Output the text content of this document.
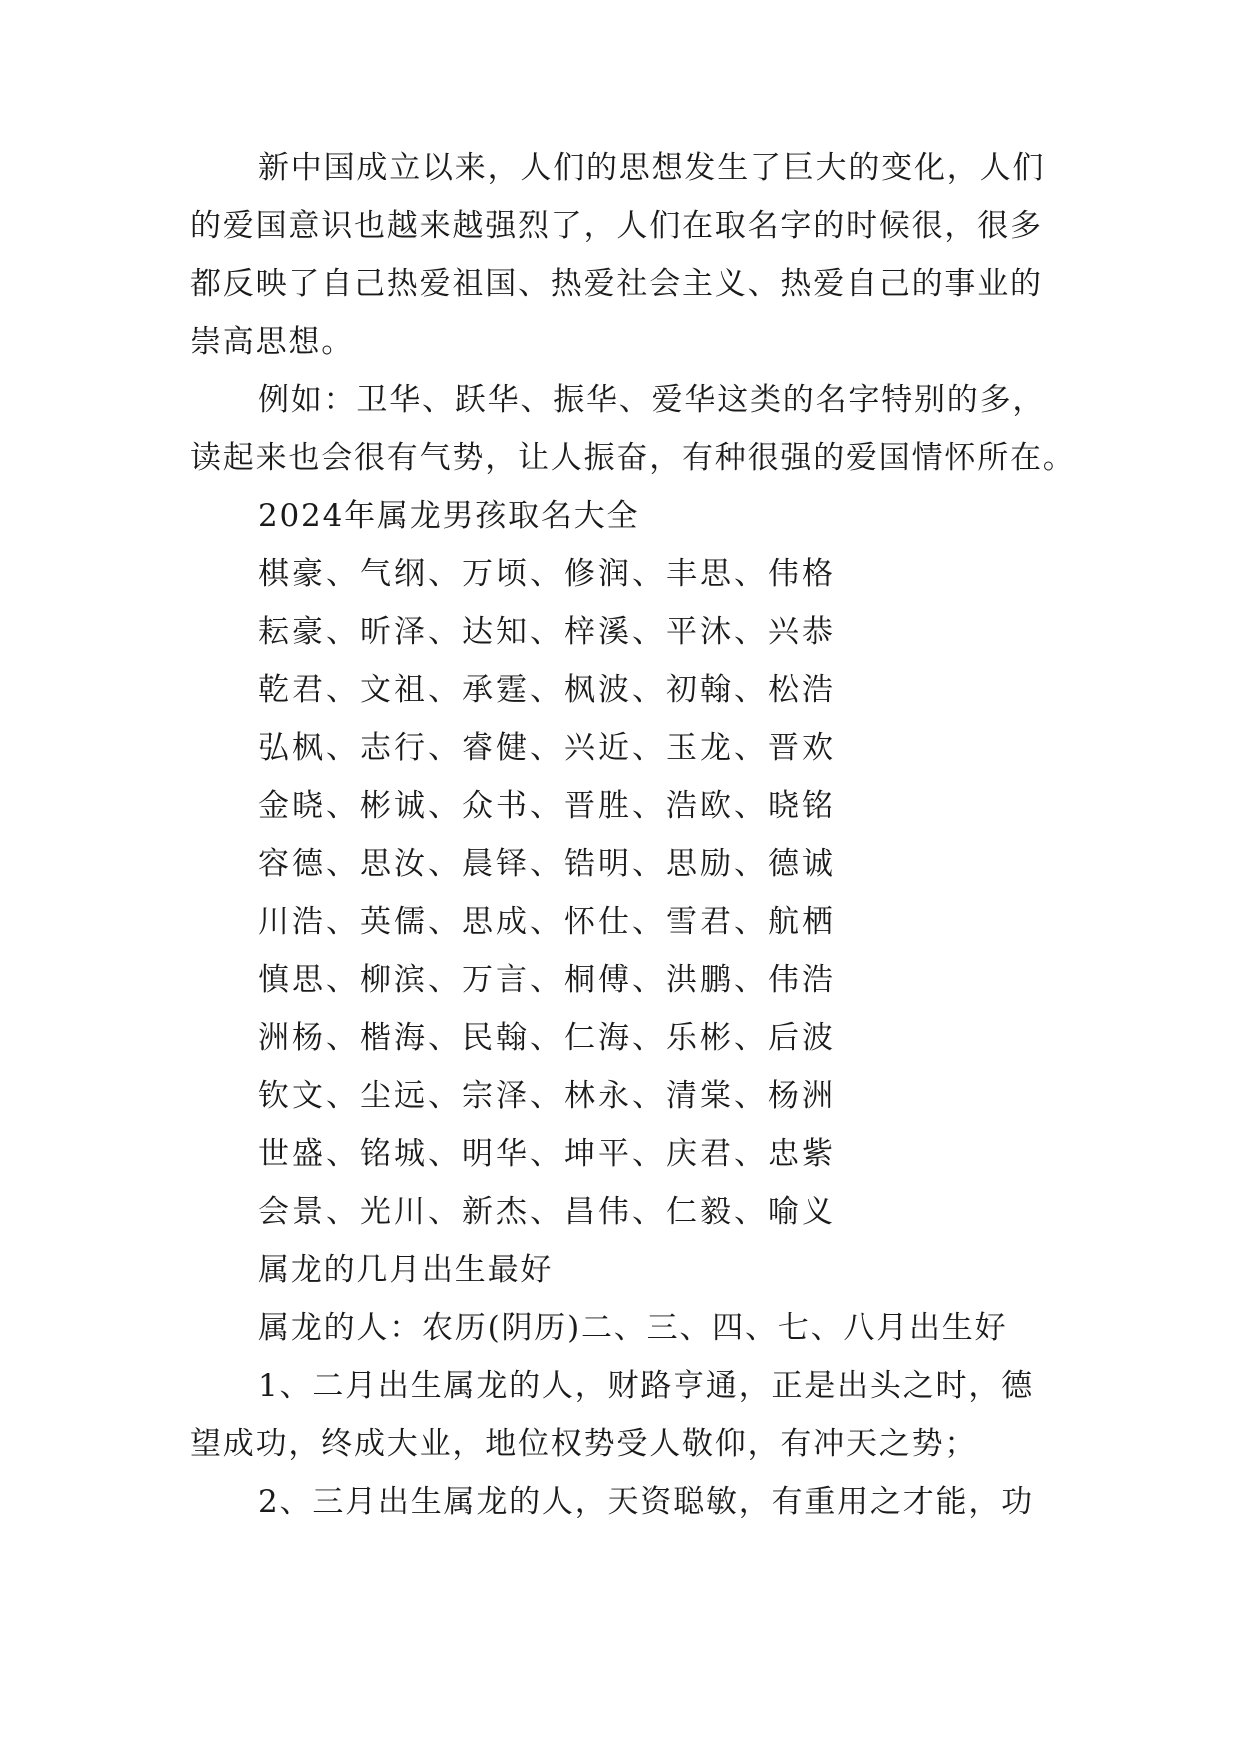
新中国成立以来，人们的思想发生了巨大的变化，人们
的爱国意识也越来越强烈了，人们在取名字的时候很，很多
都反映了自己热爱祖国、热爱社会主义、热爱自己的事业的
崇高思想。
例如：卫华、跃华、振华、爱华这类的名字特别的多，
读起来也会很有气势，让人振奋，有种很强的爱国情怀所在。
2024年属龙男孩取名大全
棋豪、气纲、万顷、修润、丰思、伟格
耘豪、昕泽、达知、梓溪、平沐、兴恭
乾君、文祖、承霆、枫波、初翰、松浩
弘枫、志行、睿健、兴近、玉龙、晋欢
金晓、彬诚、众书、晋胜、浩欧、晓铭
容德、思汝、晨铎、锆明、思励、德诚
川浩、英儒、思成、怀仕、雪君、航栖
慎思、柳滨、万言、桐傅、洪鹏、伟浩
洲杨、楷海、民翰、仁海、乐彬、后波
钦文、尘远、宗泽、林永、清棠、杨洲
世盛、铭城、明华、坤平、庆君、忠紫
会景、光川、新杰、昌伟、仁毅、喻义
属龙的几月出生最好
属龙的人：农历(阴历)二、三、四、七、八月出生好
1、二月出生属龙的人，财路亨通，正是出头之时，德
望成功，终成大业，地位权势受人敬仰，有冲天之势；
2、三月出生属龙的人，天资聪敏，有重用之才能，功
